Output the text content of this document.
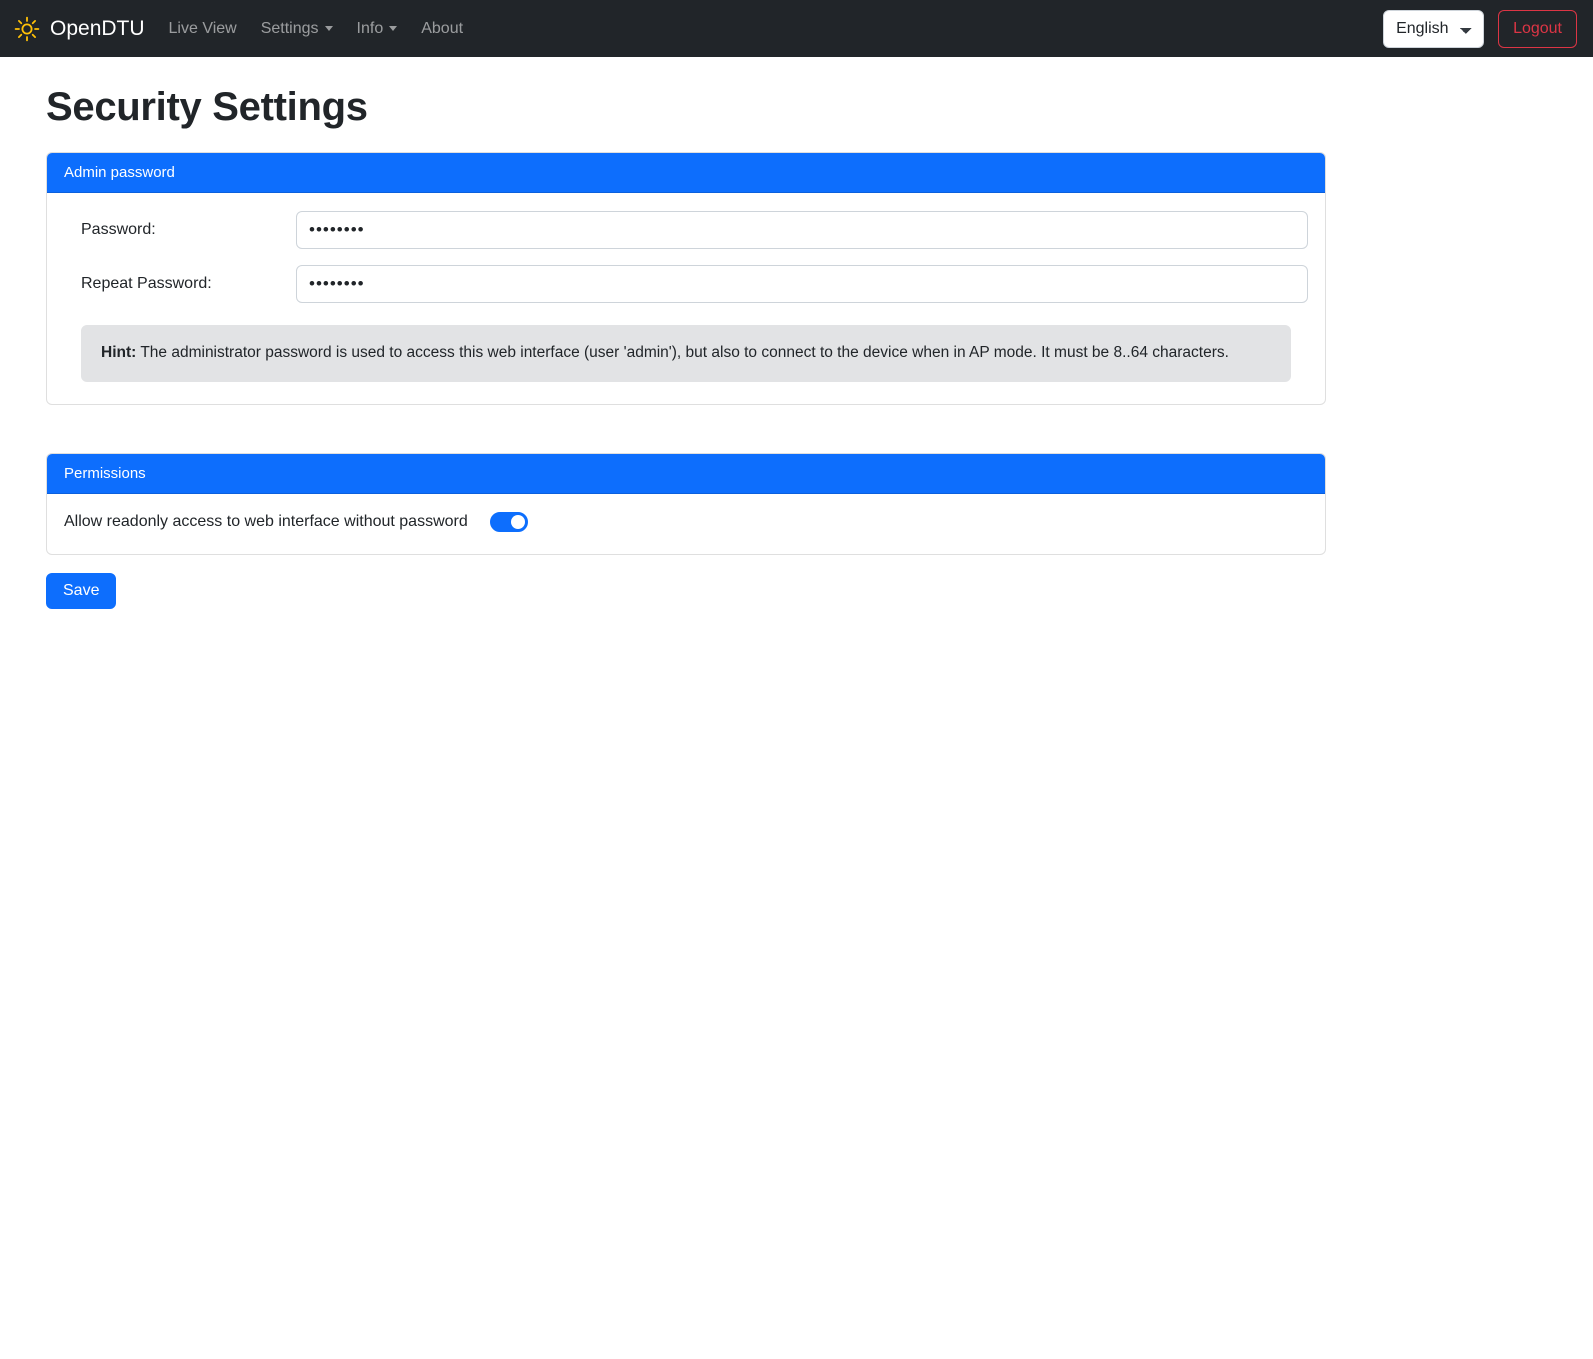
OpenDTU Live View Settings Info About
English	Logout
Security Settings
Admin password
Password:
••••••••
Repeat Password:
••••••••
Hint: The administrator password is used to access this web interface (user 'admin'), but also to connect to the device when in AP mode. It must be 8..64 characters.
Permissions
Allow readonly access to web interface without password
Save
